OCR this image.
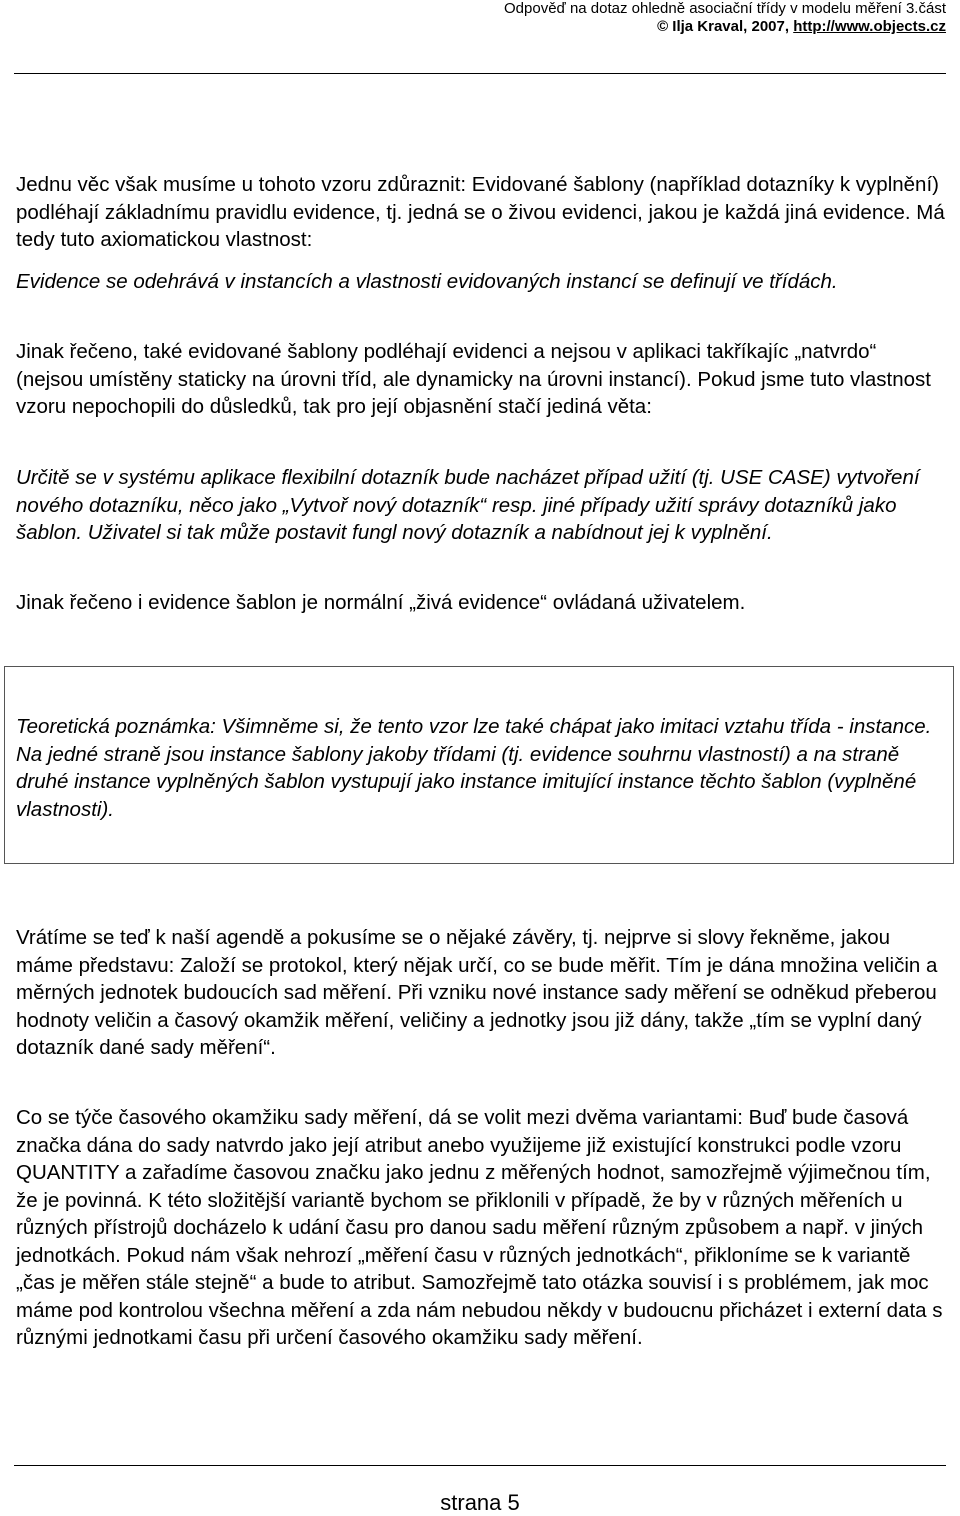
Odpověď na dotaz ohledně asociační třídy v modelu měření 3.část
© Ilja Kraval, 2007, http://www.objects.cz
Jednu věc však musíme u tohoto vzoru zdůraznit: Evidované šablony (například dotazníky k vyplnění) podléhají základnímu pravidlu evidence, tj. jedná se o živou evidenci, jakou je každá jiná evidence. Má tedy tuto axiomatickou vlastnost:
Evidence se odehrává v instancích a vlastnosti evidovaných instancí se definují ve třídách.
Jinak řečeno, také evidované šablony podléhají evidenci a nejsou v aplikaci takříkajíc „natvrdo“ (nejsou umístěny staticky na úrovni tříd, ale dynamicky na úrovni instancí). Pokud jsme tuto vlastnost vzoru nepochopili do důsledků, tak pro její objasnění stačí jediná věta:
Určitě se v systému aplikace flexibilní dotazník bude nacházet případ užití (tj. USE CASE) vytvoření nového dotazníku, něco jako „Vytvoř nový dotazník“ resp. jiné případy užití správy dotazníků jako šablon. Uživatel si tak může postavit fungl nový dotazník a nabídnout jej k vyplnění.
Jinak řečeno i evidence šablon je normální „živá evidence“ ovládaná uživatelem.
Teoretická poznámka: Všimněme si, že tento vzor lze také chápat jako imitaci vztahu třída - instance. Na jedné straně jsou instance šablony jakoby třídami (tj. evidence souhrnu vlastností) a na straně druhé instance vyplněných šablon vystupují jako instance imitující instance těchto šablon (vyplněné vlastnosti).
Vrátíme se teď k naší agendě a pokusíme se o nějaké závěry, tj. nejprve si slovy řekněme, jakou máme představu: Založí se protokol, který nějak určí, co se bude měřit. Tím je dána množina veličin a měrných jednotek budoucích sad měření. Při vzniku nové instance sady měření se odněkud přeberou hodnoty veličin a časový okamžik měření, veličiny a jednotky jsou již dány, takže „tím se vyplní daný dotazník dané sady měření“.
Co se týče časového okamžiku sady měření, dá se volit mezi dvěma variantami: Buď bude časová značka dána do sady natvrdo jako její atribut anebo využijeme již existující konstrukci podle vzoru QUANTITY a zařadíme časovou značku jako jednu z měřených hodnot, samozřejmě výjimečnou tím, že je povinná. K této složitější variantě bychom se přiklonili v případě, že by v různých měřeních u různých přístrojů docházelo k udání času pro danou sadu měření různým způsobem a např. v jiných jednotkách. Pokud nám však nehrozí „měření času v různých jednotkách“, přikloníme se k variantě „čas je měřen stále stejně“ a bude to atribut. Samozřejmě tato otázka souvisí i s problémem, jak moc máme pod kontrolou všechna měření a zda nám nebudou někdy v budoucnu přicházet i externí data s různými jednotkami času při určení časového okamžiku sady měření.
strana 5
